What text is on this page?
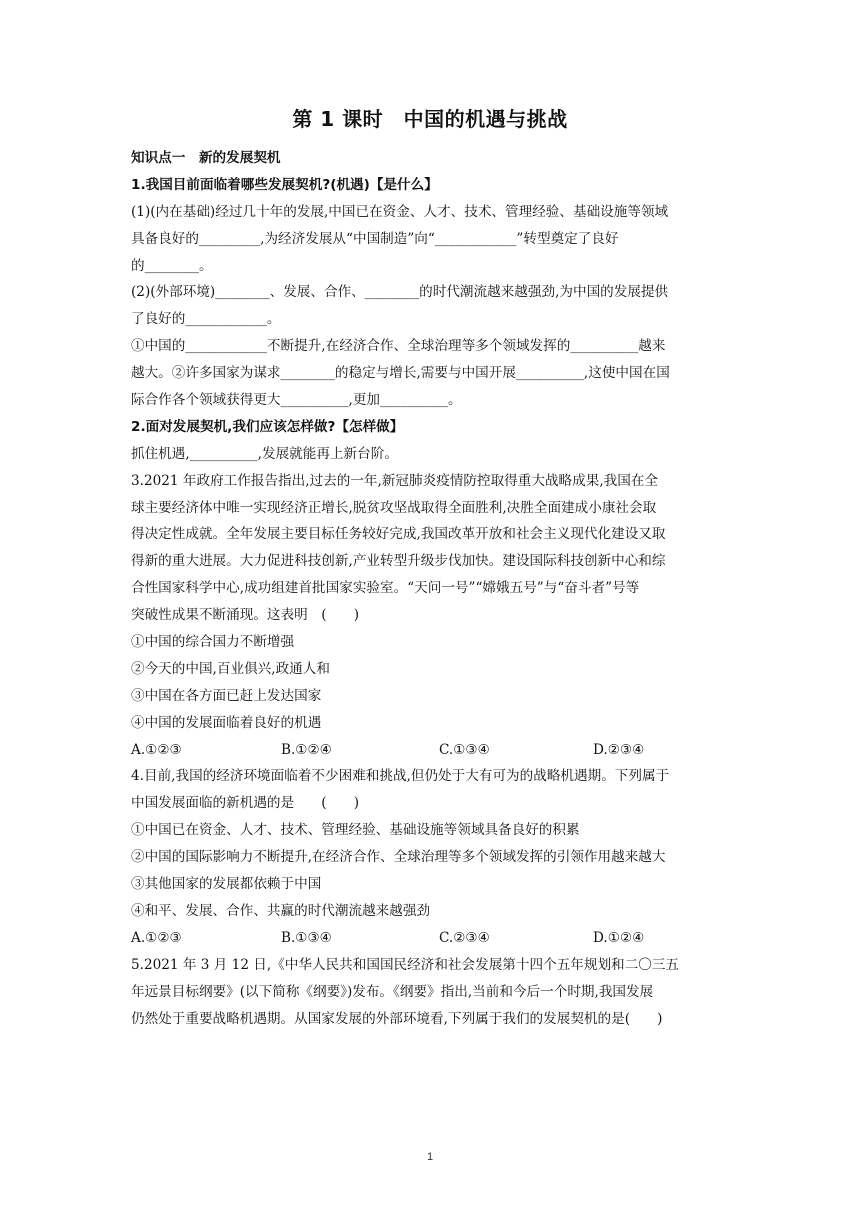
第 1 课时　中国的机遇与挑战
知识点一　新的发展契机
1.我国目前面临着哪些发展契机?(机遇)【是什么】
(1)(内在基础)经过几十年的发展,中国已在资金、人才、技术、管理经验、基础设施等领域
具备良好的_________,为经济发展从“中国制造”向“____________”转型奠定了良好
的________。
(2)(外部环境)________、发展、合作、________的时代潮流越来越强劲,为中国的发展提供
了良好的____________。
①中国的____________不断提升,在经济合作、全球治理等多个领域发挥的__________越来
越大。②许多国家为谋求________的稳定与增长,需要与中国开展__________,这使中国在国
际合作各个领域获得更大__________,更加__________。
2.面对发展契机,我们应该怎样做?【怎样做】
抓住机遇,__________,发展就能再上新台阶。
3.2021 年政府工作报告指出,过去的一年,新冠肺炎疫情防控取得重大战略成果,我国在全
球主要经济体中唯一实现经济正增长,脱贫攻坚战取得全面胜利,决胜全面建成小康社会取
得决定性成就。全年发展主要目标任务较好完成,我国改革开放和社会主义现代化建设又取
得新的重大进展。大力促进科技创新,产业转型升级步伐加快。建设国际科技创新中心和综
合性国家科学中心,成功组建首批国家实验室。“天问一号”“嫦娥五号”与“奋斗者”号等
突破性成果不断涌现。这表明　(　　)
①中国的综合国力不断增强
②今天的中国,百业俱兴,政通人和
③中国在各方面已赶上发达国家
④中国的发展面临着良好的机遇
A.①②③	B.①②④	C.①③④	D.②③④
4.目前,我国的经济环境面临着不少困难和挑战,但仍处于大有可为的战略机遇期。下列属于
中国发展面临的新机遇的是　　(　　)
①中国已在资金、人才、技术、管理经验、基础设施等领域具备良好的积累
②中国的国际影响力不断提升,在经济合作、全球治理等多个领域发挥的引领作用越来越大
③其他国家的发展都依赖于中国
④和平、发展、合作、共赢的时代潮流越来越强劲
A.①②③	B.①③④	C.②③④	D.①②④
5.2021 年 3 月 12 日,《中华人民共和国国民经济和社会发展第十四个五年规划和二〇三五
年远景目标纲要》(以下简称《纲要》)发布。《纲要》指出,当前和今后一个时期,我国发展
仍然处于重要战略机遇期。从国家发展的外部环境看,下列属于我们的发展契机的是(　　)
1
